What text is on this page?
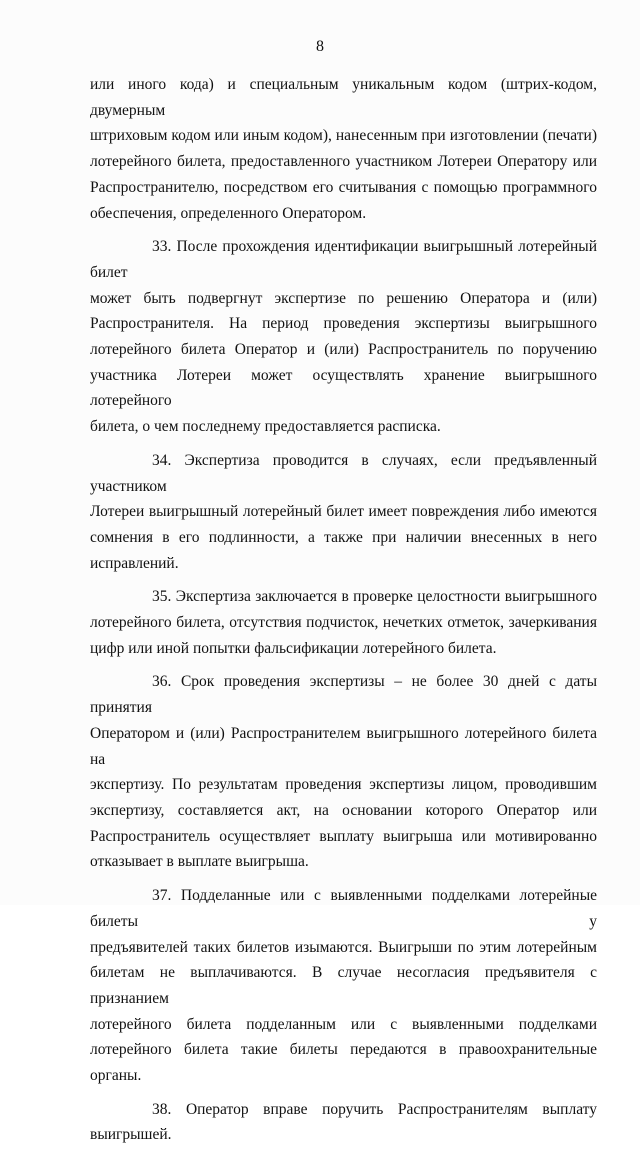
8
или иного кода) и специальным уникальным кодом (штрих-кодом, двумерным
штриховым кодом или иным кодом), нанесенным при изготовлении (печати)
лотерейного билета, предоставленного участником Лотереи Оператору или
Распространителю, посредством его считывания с помощью программного
обеспечения, определенного Оператором.
33. После прохождения идентификации выигрышный лотерейный билет
может быть подвергнут экспертизе по решению Оператора и (или)
Распространителя. На период проведения экспертизы выигрышного
лотерейного билета Оператор и (или) Распространитель по поручению
участника Лотереи может осуществлять хранение выигрышного лотерейного
билета, о чем последнему предоставляется расписка.
34. Экспертиза проводится в случаях, если предъявленный участником
Лотереи выигрышный лотерейный билет имеет повреждения либо имеются
сомнения в его подлинности, а также при наличии внесенных в него
исправлений.
35. Экспертиза заключается в проверке целостности выигрышного
лотерейного билета, отсутствия подчисток, нечетких отметок, зачеркивания
цифр или иной попытки фальсификации лотерейного билета.
36. Срок проведения экспертизы – не более 30 дней с даты принятия
Оператором и (или) Распространителем выигрышного лотерейного билета на
экспертизу. По результатам проведения экспертизы лицом, проводившим
экспертизу, составляется акт, на основании которого Оператор или
Распространитель осуществляет выплату выигрыша или мотивированно
отказывает в выплате выигрыша.
37. Подделанные или с выявленными подделками лотерейные билеты у
предъявителей таких билетов изымаются. Выигрыши по этим лотерейным
билетам не выплачиваются. В случае несогласия предъявителя с признанием
лотерейного билета подделанным или с выявленными подделками
лотерейного билета такие билеты передаются в правоохранительные органы.
38. Оператор вправе поручить Распространителям выплату выигрышей.
